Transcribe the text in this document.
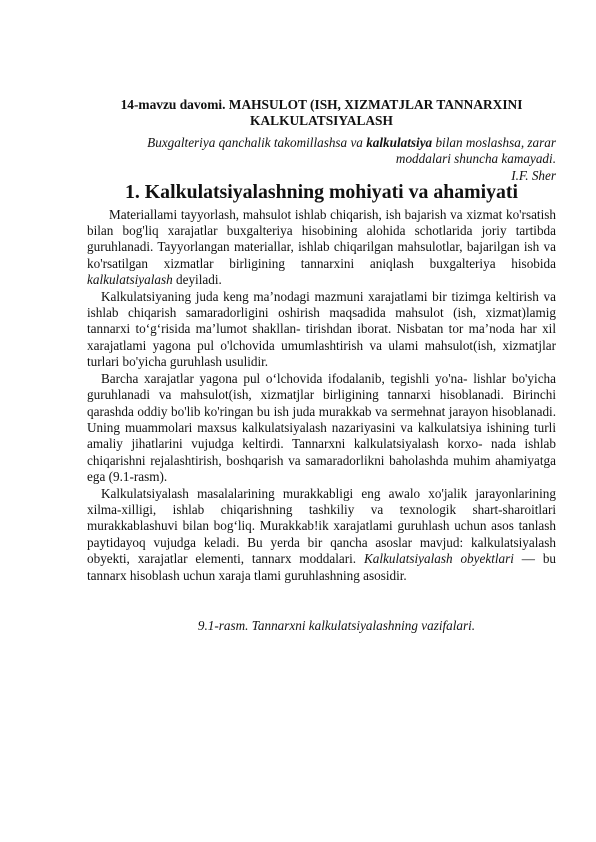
14-mavzu davomi. MAHSULOT (ISH, XIZMATJLAR TANNARXINI KALKULATSIYALASH
Buxgalteriya qanchalik takomillashsa va kalkulatsiya bilan moslashsa, zarar moddalari shuncha kamayadi.
I.F. Sher
1. Kalkulatsiyalashning mohiyati va ahamiyati

Materiallami tayyorlash, mahsulot ishlab chiqarish, ish bajarish va xizmat ko'rsatish bilan bog'liq xarajatlar buxgalteriya hisobining alohida schotlarida joriy tartibda guruhlanadi. Tayyorlangan materiallar, ishlab chiqarilgan mahsulotlar, bajarilgan ish va ko'rsatilgan xizmatlar birligining tannarxini aniqlash buxgalteriya hisobida kalkulatsiyalash deyiladi.

Kalkulatsiyaning juda keng ma’nodagi mazmuni xarajatlami bir tizimga keltirish va ishlab chiqarish samaradorligini oshirish maqsadida mahsulot (ish, xizmat)lamig tannarxi to‘g‘risida ma’lumot shakllan- tirishdan iborat. Nisbatan tor ma’noda har xil xarajatlami yagona pul o'lchovida umumlashtirish va ulami mahsulot(ish, xizmatjlar turlari bo'yicha guruhlash usulidir.

Barcha xarajatlar yagona pul o‘lchovida ifodalanib, tegishli yo'na- lishlar bo'yicha guruhlanadi va mahsulot(ish, xizmatjlar birligining tannarxi hisoblanadi. Birinchi qarashda oddiy bo'lib ko'ringan bu ish juda murakkab va sermehnat jarayon hisoblanadi. Uning muammolari maxsus kalkulatsiyalash nazariyasini va kalkulatsiya ishining turli amaliy jihatlarini vujudga keltirdi. Tannarxni kalkulatsiyalash korxo- nada ishlab chiqarishni rejalashtirish, boshqarish va samaradorlikni baholashda muhim ahamiyatga ega (9.1-rasm).

Kalkulatsiyalash masalalarining murakkabligi eng awalo xo'jalik jarayonlarining xilma-xilligi, ishlab chiqarishning tashkiliy va texnologik shart-sharoitlari murakkablashuvi bilan bog‘liq. Murakkab!ik xarajatlami guruhlash uchun asos tanlash paytidayoq vujudga keladi. Bu yerda bir qancha asoslar mavjud: kalkulatsiyalash obyekti, xarajatlar elementi, tannarx moddalari. Kalkulatsiyalash obyektlari — bu tannarx hisoblash uchun xaraja tlami guruhlashning asosidir.

9.1-rasm. Tannarxni kalkulatsiyalashning vazifalari.
